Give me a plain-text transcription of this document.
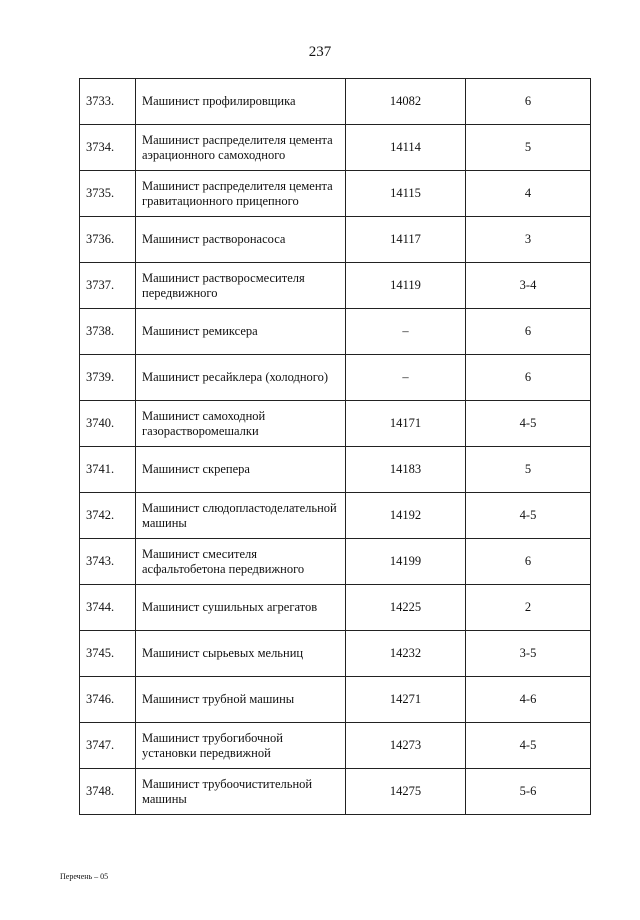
237
3733.	Машинист профилировщика	14082	6
3734.	Машинист распределителя цемента аэрационного самоходного	14114	5
3735.	Машинист распределителя цемента гравитационного прицепного	14115	4
3736.	Машинист растворонасоса	14117	3
3737.	Машинист растворосмесителя передвижного	14119	3-4
3738.	Машинист ремиксера	–	6
3739.	Машинист ресайклера (холодного)	–	6
3740.	Машинист самоходной газорастворомешалки	14171	4-5
3741.	Машинист скрепера	14183	5
3742.	Машинист слюдопластоделательной машины	14192	4-5
3743.	Машинист смесителя асфальтобетона передвижного	14199	6
3744.	Машинист сушильных агрегатов	14225	2
3745.	Машинист сырьевых мельниц	14232	3-5
3746.	Машинист трубной машины	14271	4-6
3747.	Машинист трубогибочной установки передвижной	14273	4-5
3748.	Машинист трубоочистительной машины	14275	5-6
Перечень – 05
